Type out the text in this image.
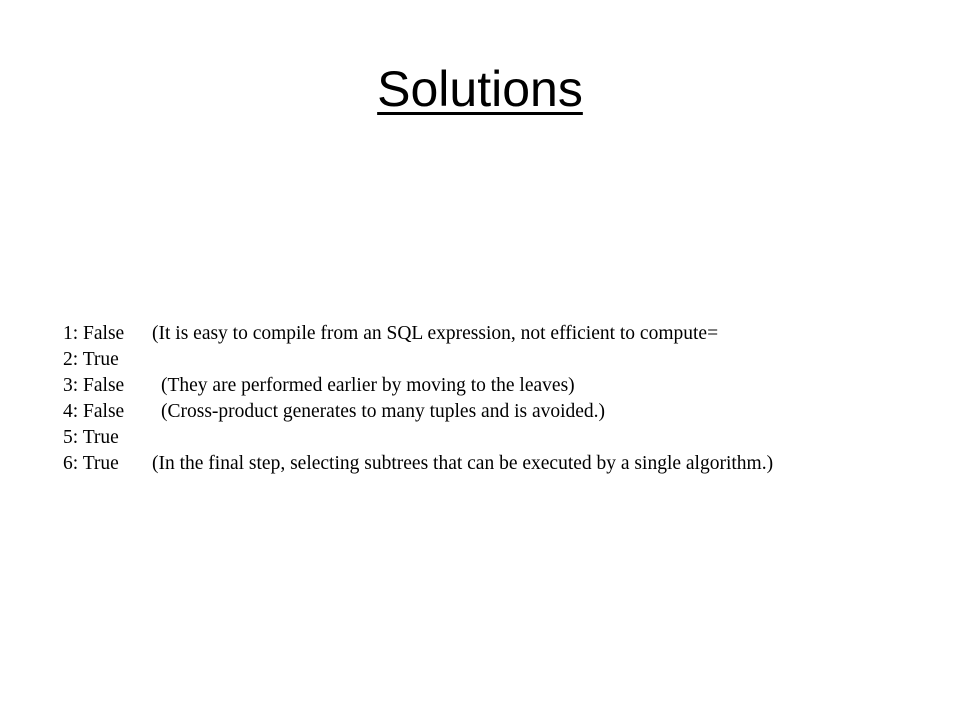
Solutions
1: False	(It is easy to compile from an SQL expression, not efficient to compute=
2: True
3: False	(They are performed earlier by moving to the leaves)
4: False	(Cross-product generates to many tuples and is avoided.)
5: True
6: True	(In the final step, selecting subtrees that can be executed by a single algorithm.)
